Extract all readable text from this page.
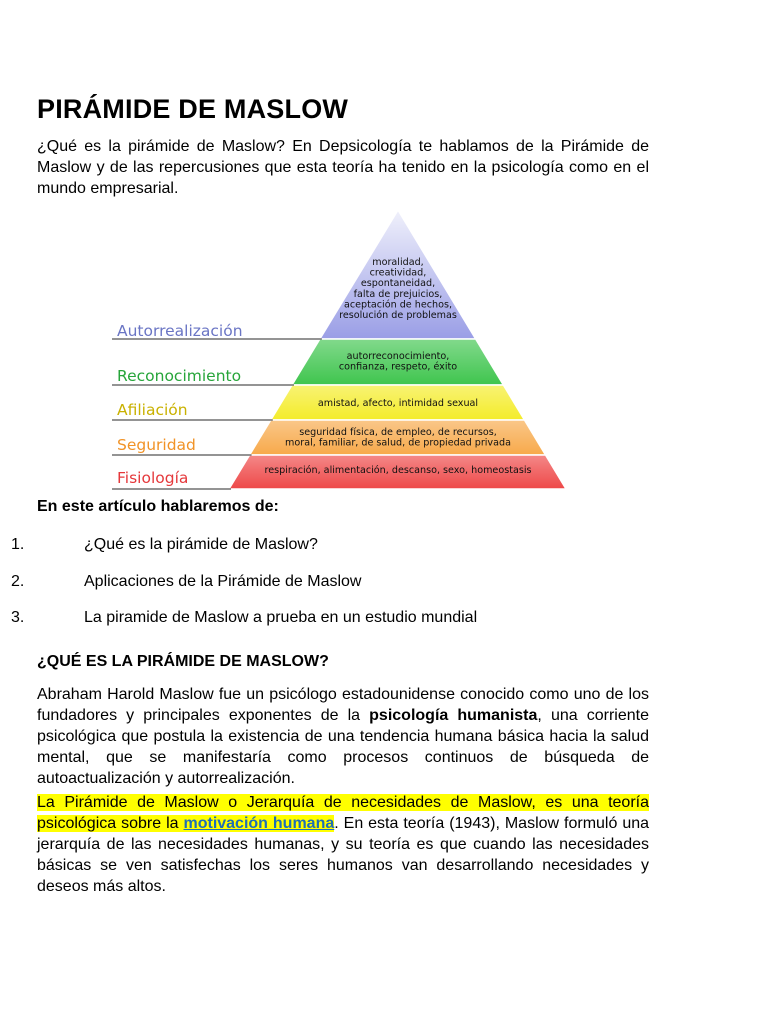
PIRÁMIDE DE MASLOW

¿Qué es la pirámide de Maslow? En Depsicología te hablamos de la Pirámide de Maslow y de las repercusiones que esta teoría ha tenido en la psicología como en el mundo empresarial.

moralidad,
creatividad,
espontaneidad,
falta de prejuicios,
aceptación de hechos,
resolución de problemas
autorreconocimiento,
confianza, respeto, éxito
amistad, afecto, intimidad sexual
seguridad física, de empleo, de recursos,
moral, familiar, de salud, de propiedad privada
respiración, alimentación, descanso, sexo, homeostasis
Autorrealización
Reconocimiento
Afiliación
Seguridad
Fisiología

En este artículo hablaremos de:

1.	¿Qué es la pirámide de Maslow?
2.	Aplicaciones de la Pirámide de Maslow
3.	La piramide de Maslow a prueba en un estudio mundial

¿QUÉ ES LA PIRÁMIDE DE MASLOW?

Abraham Harold Maslow fue un psicólogo estadounidense conocido como uno de los fundadores y principales exponentes de la psicología humanista, una corriente psicológica que postula la existencia de una tendencia humana básica hacia la salud mental, que se manifestaría como procesos continuos de búsqueda de autoactualización y autorrealización.

La Pirámide de Maslow o Jerarquía de necesidades de Maslow, es una teoría psicológica sobre la motivación humana. En esta teoría (1943), Maslow formuló una jerarquía de las necesidades humanas, y su teoría es que cuando las necesidades básicas se ven satisfechas los seres humanos van desarrollando necesidades y deseos más altos.
